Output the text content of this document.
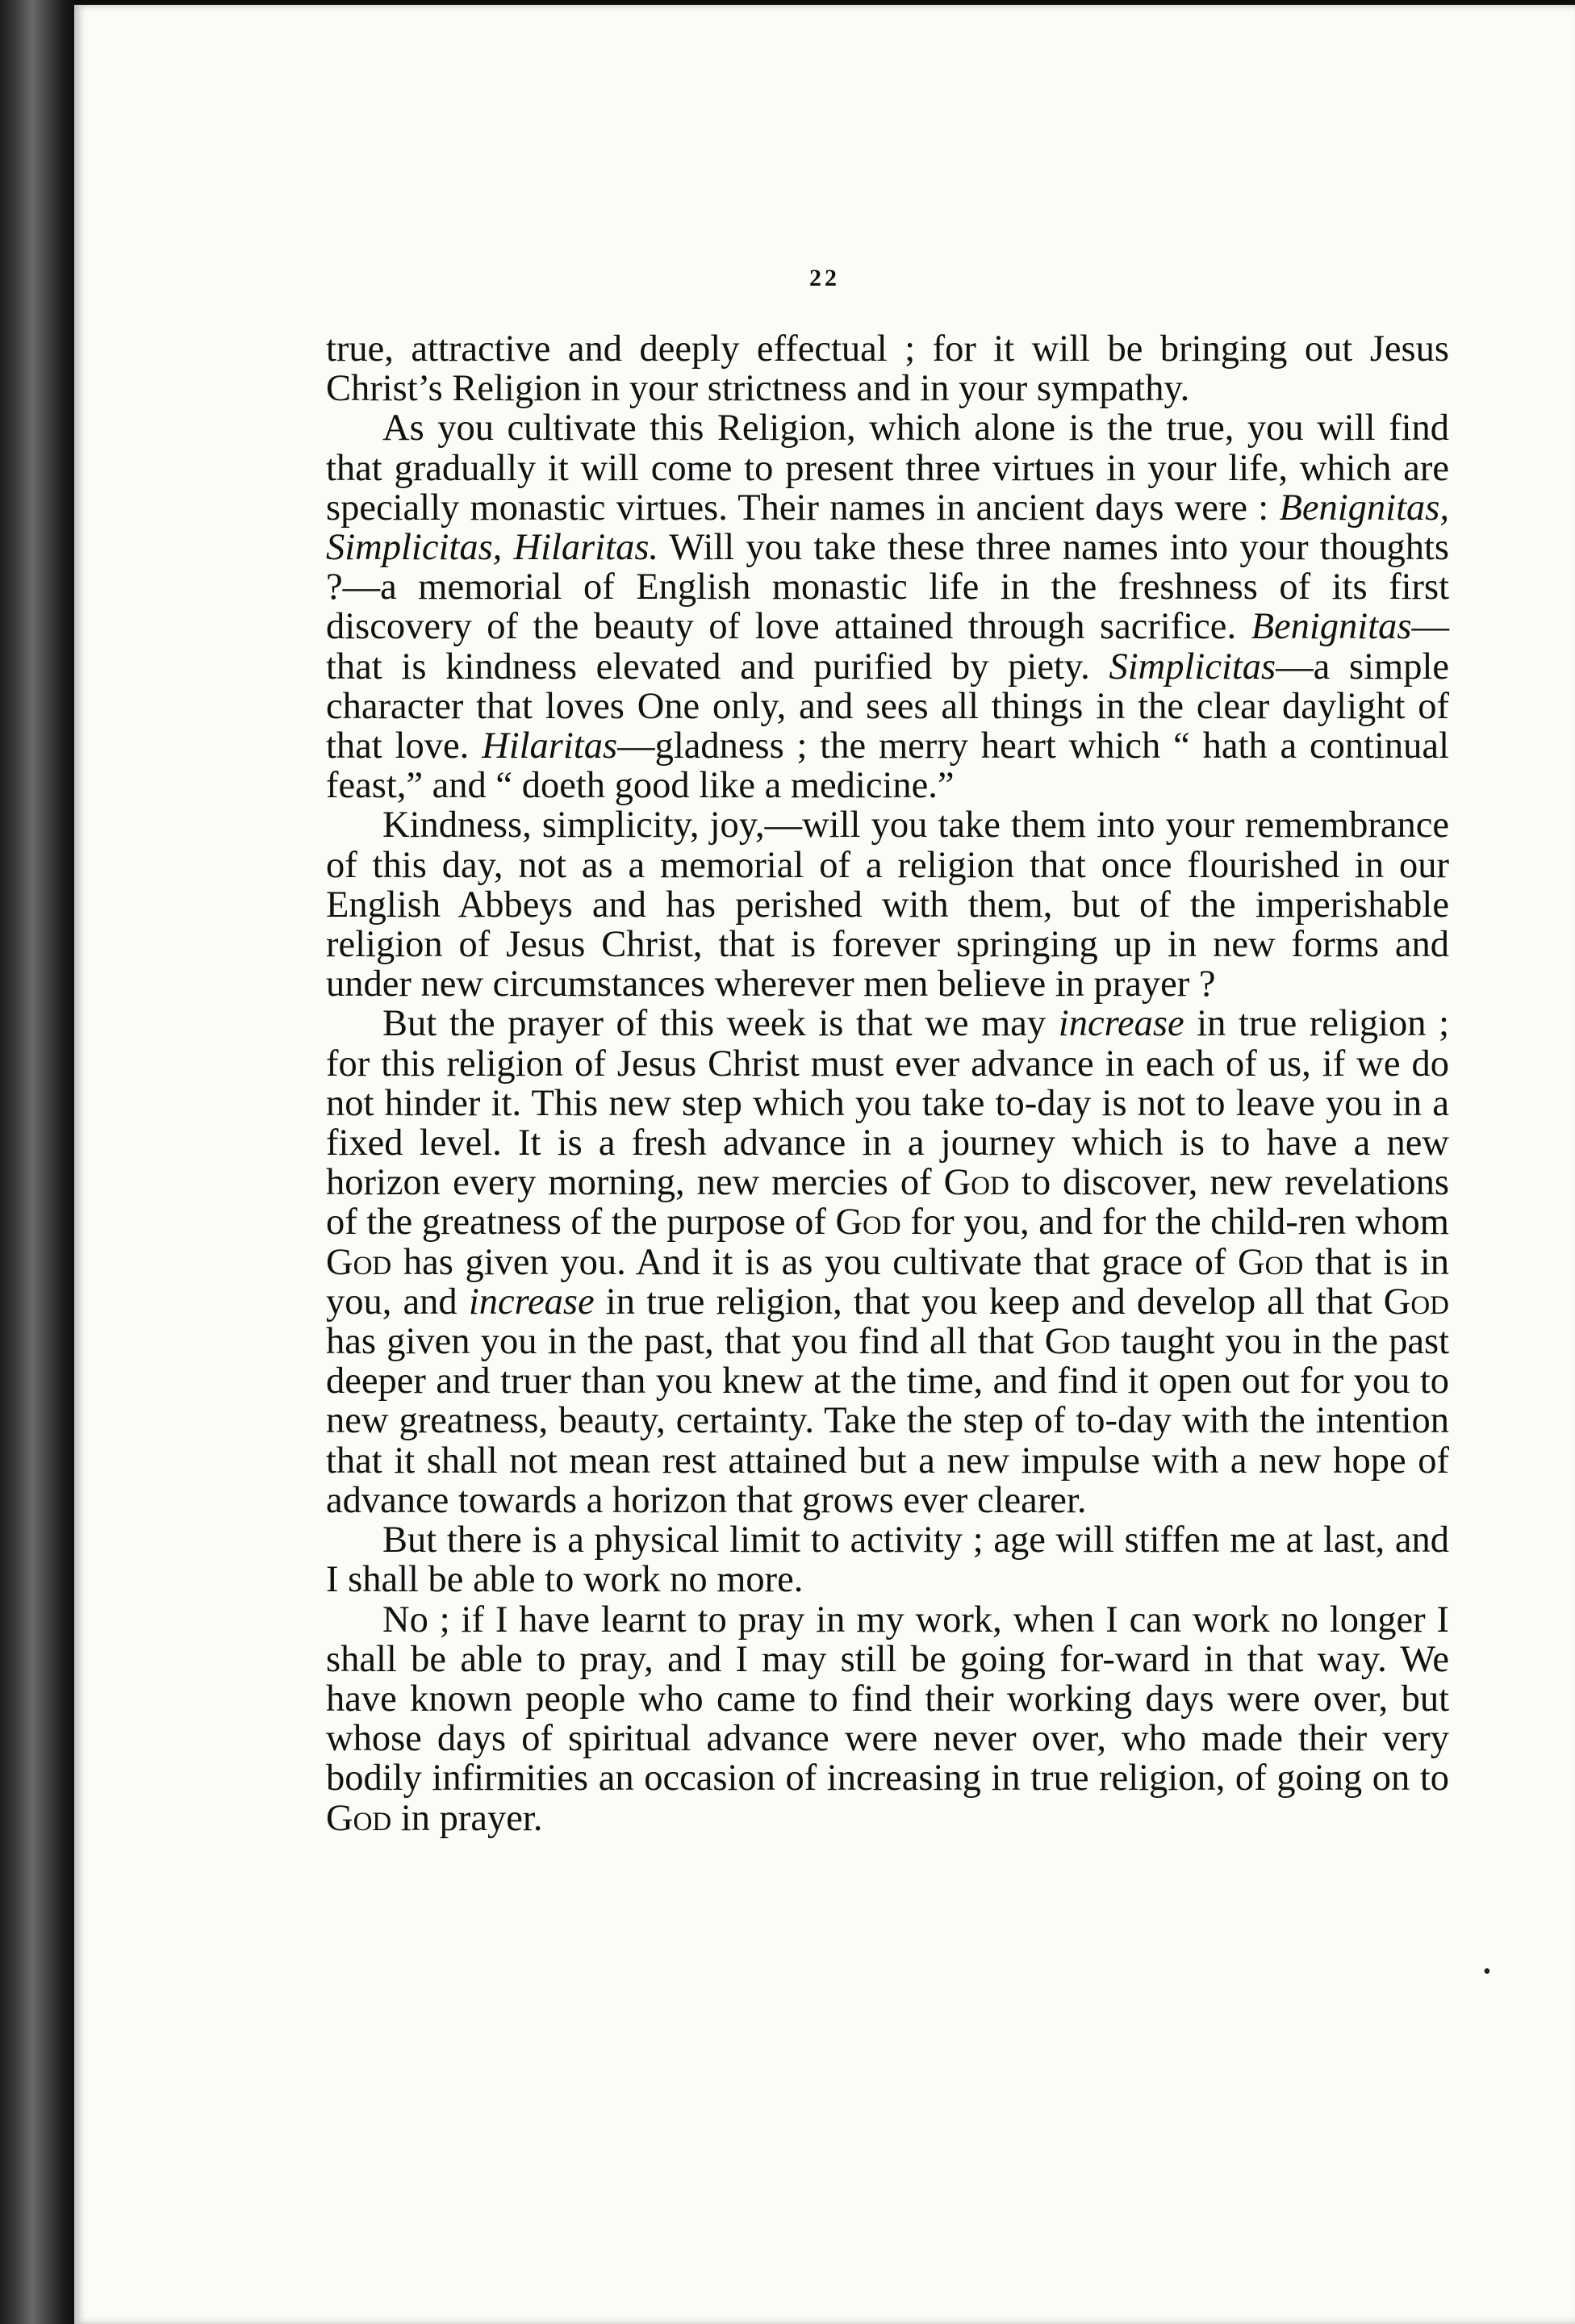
22

true, attractive and deeply effectual ; for it will be bringing out Jesus Christ’s Religion in your strictness and in your sympathy.

As you cultivate this Religion, which alone is the true, you will find that gradually it will come to present three virtues in your life, which are specially monastic virtues. Their names in ancient days were : Benignitas, Simplicitas, Hilaritas. Will you take these three names into your thoughts ?—a memorial of English monastic life in the freshness of its first discovery of the beauty of love attained through sacrifice. Benignitas—that is kindness elevated and purified by piety. Simplicitas—a simple character that loves One only, and sees all things in the clear daylight of that love. Hilaritas—gladness ; the merry heart which “ hath a continual feast,” and “ doeth good like a medicine.”

Kindness, simplicity, joy,—will you take them into your remembrance of this day, not as a memorial of a religion that once flourished in our English Abbeys and has perished with them, but of the imperishable religion of Jesus Christ, that is forever springing up in new forms and under new circumstances wherever men believe in prayer ?

But the prayer of this week is that we may increase in true religion ; for this religion of Jesus Christ must ever advance in each of us, if we do not hinder it. This new step which you take to-day is not to leave you in a fixed level. It is a fresh advance in a journey which is to have a new horizon every morning, new mercies of God to discover, new revelations of the greatness of the purpose of God for you, and for the child-ren whom God has given you. And it is as you cultivate that grace of God that is in you, and increase in true religion, that you keep and develop all that God has given you in the past, that you find all that God taught you in the past deeper and truer than you knew at the time, and find it open out for you to new greatness, beauty, certainty. Take the step of to-day with the intention that it shall not mean rest attained but a new impulse with a new hope of advance towards a horizon that grows ever clearer.

But there is a physical limit to activity ; age will stiffen me at last, and I shall be able to work no more.

No ; if I have learnt to pray in my work, when I can work no longer I shall be able to pray, and I may still be going for-ward in that way. We have known people who came to find their working days were over, but whose days of spiritual advance were never over, who made their very bodily infirmities an occasion of increasing in true religion, of going on to God in prayer.

•
